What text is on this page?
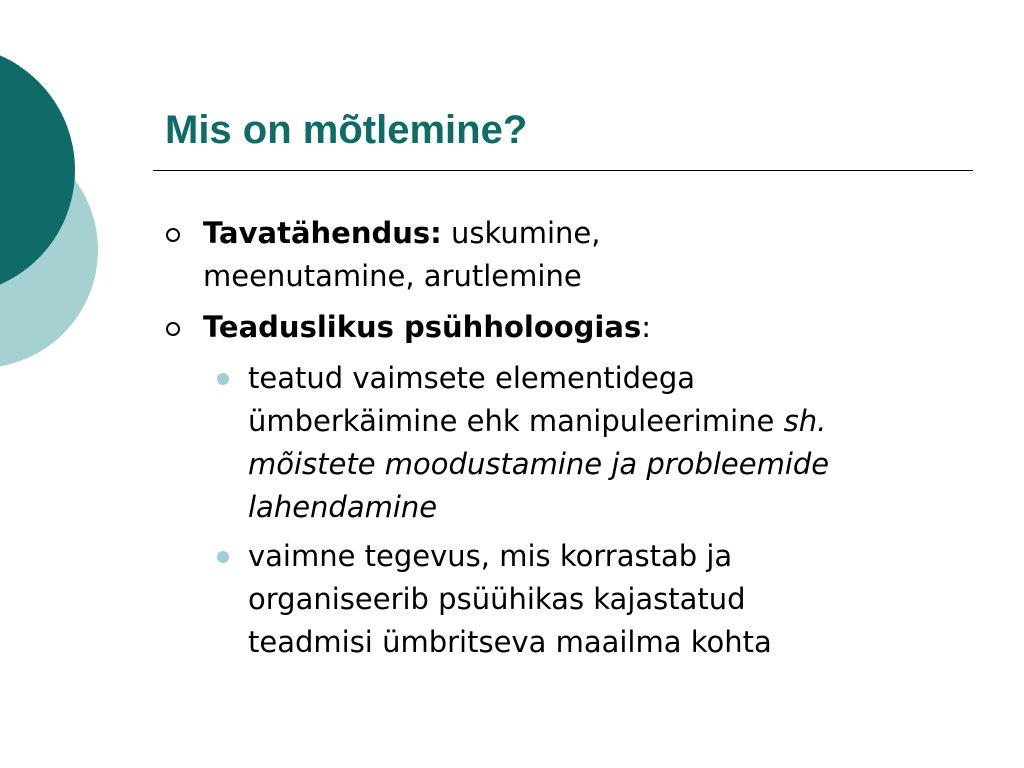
Mis on mõtlemine?
Tavatähendus: uskumine,
meenutamine, arutlemine
Teaduslikus psühholoogias:
teatud vaimsete elementidega
ümberkäimine ehk manipuleerimine sh.
mõistete moodustamine ja probleemide
lahendamine
vaimne tegevus, mis korrastab ja
organiseerib psüühikas kajastatud
teadmisi ümbritseva maailma kohta
